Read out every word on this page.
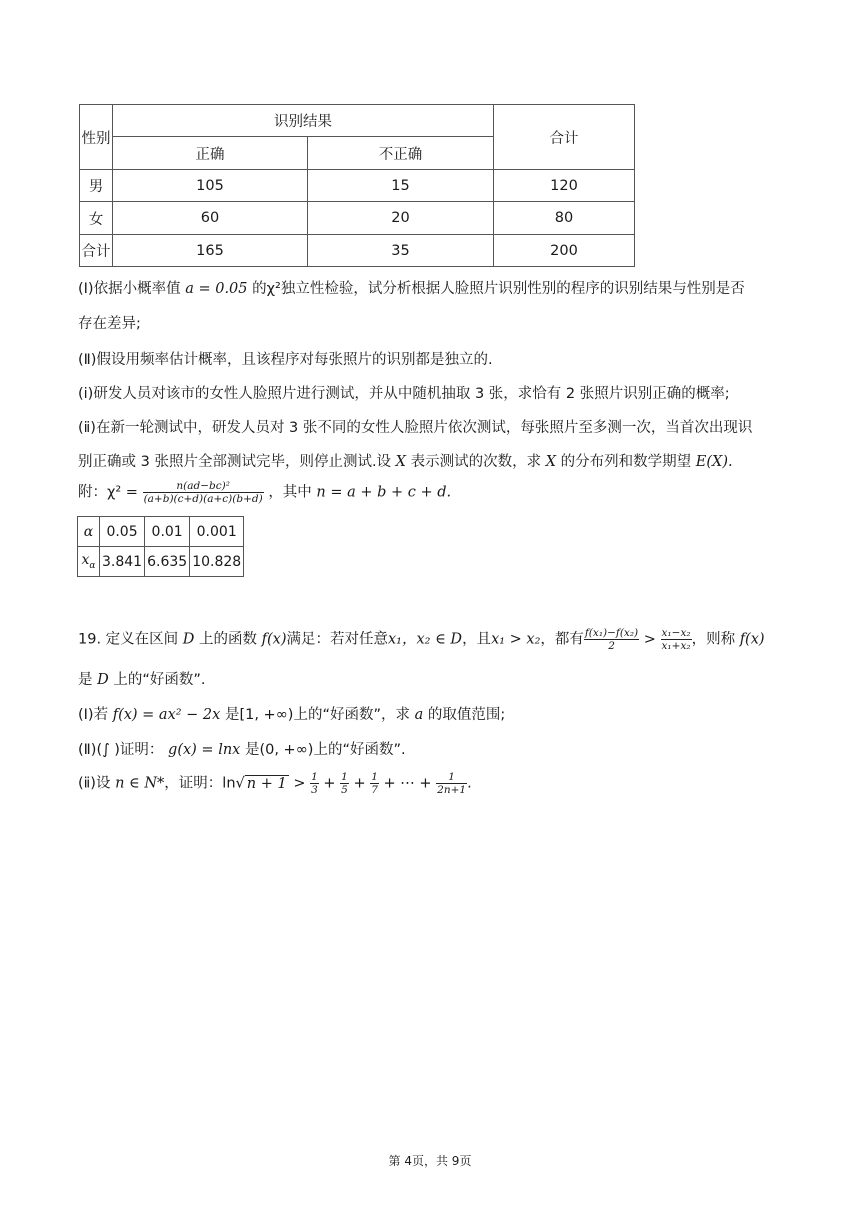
性别	识别结果		合计
	正确	不正确	
男	105	15	120
女	60	20	80
合计	165	35	200
(Ⅰ)依据小概率值 a = 0.05 的χ²独立性检验，试分析根据人脸照片识别性别的程序的识别结果与性别是否
存在差异;
(Ⅱ)假设用频率估计概率，且该程序对每张照片的识别都是独立的.
(ⅰ)研发人员对该市的女性人脸照片进行测试，并从中随机抽取 3 张，求恰有 2 张照片识别正确的概率;
(ⅱ)在新一轮测试中，研发人员对 3 张不同的女性人脸照片依次测试，每张照片至多测一次，当首次出现识
别正确或 3 张照片全部测试完毕，则停止测试.设 X 表示测试的次数，求 X 的分布列和数学期望 E(X).
附：$\chi^2 = \frac{\text{n(ad−bc)²}}{(a+b)(c+d)(a+c)(b+d)}$ ，其中 n = a + b + c + d.
α	0.05	0.01	0.001
$x_\alpha$	3.841	6.635	10.828
19. 定义在区间 D 上的函数 f(x)满足：若对任意x₁，x₂ ∈ D，且x₁ > x₂，都有 $\frac{\text{f(x₁)−f(x₂)}}{2} > \frac{\text{x₁−x₂}}{\text{x₁+x₂}}$ ，则称 f(x)
是 D 上的“好函数”.
(Ⅰ)若 f(x) = ax² − 2x 是[1, +∞)上的“好函数”，求 a 的取值范围;
(Ⅱ)(∫ )证明： g(x) = lnx 是(0, +∞)上的“好函数”.
(ⅱ)设 n ∈ N*，证明：ln√ $n + 1 > \frac{1}{3} + \frac{1}{5} + \frac{1}{7}$ + ⋯ + $\frac{1}{2n+1}$ .
第 4页，共 9页
